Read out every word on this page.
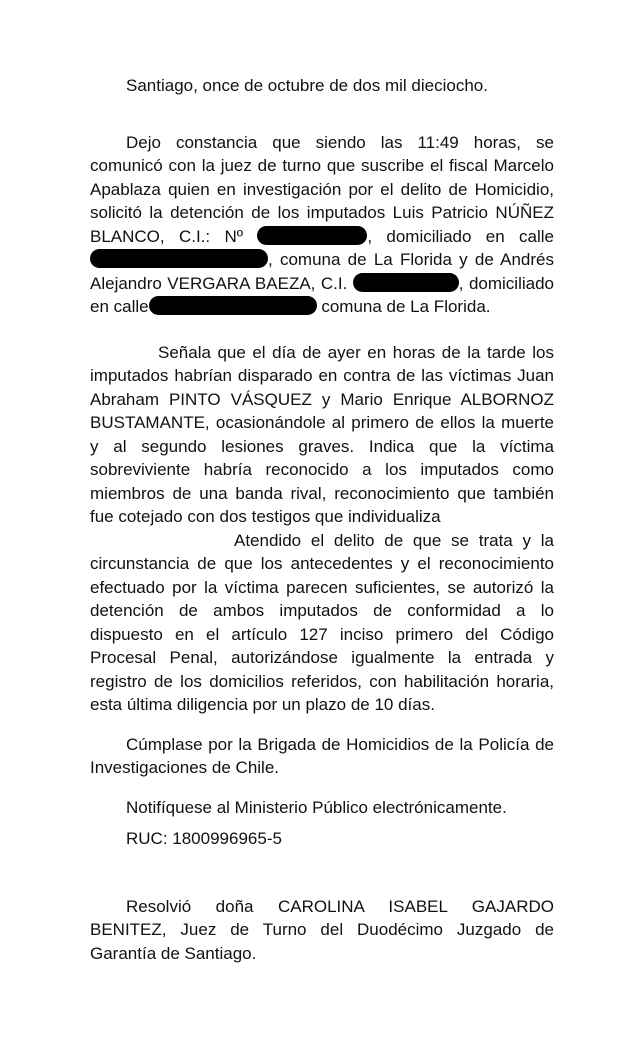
Santiago, once de octubre de dos mil dieciocho.

Dejo constancia que siendo las 11:49 horas, se comunicó con la juez de turno que suscribe el fiscal Marcelo Apablaza quien en investigación por el delito de Homicidio, solicitó la detención de los imputados Luis Patricio NÚÑEZ BLANCO, C.I.: Nº	, domiciliado en calle , comuna de La Florida y de Andrés Alejandro VERGARA BAEZA, C.I.	, domiciliado en calle	comuna de La Florida.

Señala que el día de ayer en horas de la tarde los imputados habrían disparado en contra de las víctimas Juan Abraham PINTO VÁSQUEZ y Mario Enrique ALBORNOZ BUSTAMANTE, ocasionándole al primero de ellos la muerte y al segundo lesiones graves. Indica que la víctima sobreviviente habría reconocido a los imputados como miembros de una banda rival, reconocimiento que también fue cotejado con dos testigos que individualiza

Atendido el delito de que se trata y la circunstancia de que los antecedentes y el reconocimiento efectuado por la víctima parecen suficientes, se autorizó la detención de ambos imputados de conformidad a lo dispuesto en el artículo 127 inciso primero del Código Procesal Penal, autorizándose igualmente la entrada y registro de los domicilios referidos, con habilitación horaria, esta última diligencia por un plazo de 10 días.

Cúmplase por la Brigada de Homicidios de la Policía de Investigaciones de Chile.

Notifíquese al Ministerio Público electrónicamente.

RUC: 1800996965-5

Resolvió doña CAROLINA ISABEL GAJARDO BENITEZ, Juez de Turno del Duodécimo Juzgado de Garantía de Santiago.
